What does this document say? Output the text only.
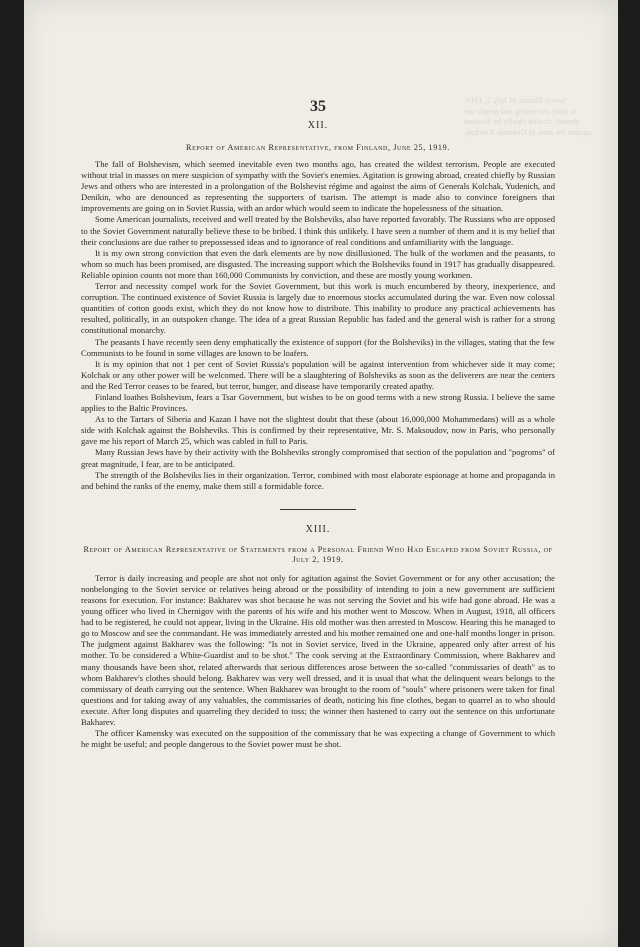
Soviet Russia, of July 2, 1919.
is daily increasing and people are
abroad, created chiefly by Russian
against the aims of Generals Kolchak,
35
XII.
Report of American Representative, from Finland, June 25, 1919.

The fall of Bolshevism, which seemed inevitable even two months ago, has created the wildest terrorism. People are executed without trial in masses on mere suspicion of sympathy with the Soviet's enemies. Agitation is growing abroad, created chiefly by Russian Jews and others who are interested in a prolongation of the Bolshevist régime and against the aims of Generals Kolchak, Yudenich, and Denikin, who are denounced as representing the supporters of tsarism. The attempt is made also to convince foreigners that improvements are going on in Soviet Russia, with an ardor which would seem to indicate the hopelessness of the situation.

Some American journalists, received and well treated by the Bolsheviks, also have reported favorably. The Russians who are opposed to the Soviet Government naturally believe these to be bribed. I think this unlikely. I have seen a number of them and it is my belief that their conclusions are due rather to prepossessed ideas and to ignorance of real conditions and unfamiliarity with the language.

It is my own strong conviction that even the dark elements are by now disillusioned. The bulk of the workmen and the peasants, to whom so much has been promised, are disgusted. The increasing support which the Bolsheviks found in 1917 has gradually disappeared. Reliable opinion counts not more than 160,000 Communists by conviction, and these are mostly young workmen.

Terror and necessity compel work for the Soviet Government, but this work is much encumbered by theory, inexperience, and corruption. The continued existence of Soviet Russia is largely due to enormous stocks accumulated during the war. Even now colossal quantities of cotton goods exist, which they do not know how to distribute. This inability to produce any practical achievements has resulted, politically, in an outspoken change. The idea of a great Russian Republic has faded and the general wish is rather for a strong constitutional monarchy.

The peasants I have recently seen deny emphatically the existence of support (for the Bolsheviks) in the villages, stating that the few Communists to be found in some villages are known to be loafers.

It is my opinion that not 1 per cent of Soviet Russia's population will be against intervention from whichever side it may come; Kolchak or any other power will be welcomed. There will be a slaughtering of Bolsheviks as soon as the deliverers are near the centers and the Red Terror ceases to be feared, but terror, hunger, and disease have temporarily created apathy.

Finland loathes Bolshevism, fears a Tsar Government, but wishes to be on good terms with a new strong Russia. I believe the same applies to the Baltic Provinces.

As to the Tartars of Siberia and Kazan I have not the slightest doubt that these (about 16,000,000 Mohammedans) will as a whole side with Kolchak against the Bolsheviks. This is confirmed by their representative, Mr. S. Maksoudov, now in Paris, who personally gave me his report of March 25, which was cabled in full to Paris.

Many Russian Jews have by their activity with the Bolsheviks strongly compromised that section of the population and "pogroms" of great magnitude, I fear, are to be anticipated.

The strength of the Bolsheviks lies in their organization. Terror, combined with most elaborate espionage at home and propaganda in and behind the ranks of the enemy, make them still a formidable force.

XIII.
Report of American Representative of Statements from a Personal Friend Who Had Escaped from Soviet Russia, of July 2, 1919.

Terror is daily increasing and people are shot not only for agitation against the Soviet Government or for any other accusation; the nonbelonging to the Soviet service or relatives being abroad or the possibility of intending to join a new government are sufficient reasons for execution. For instance: Bakharev was shot because he was not serving the Soviet and his wife had gone abroad. He was a young officer who lived in Chernigov with the parents of his wife and his mother went to Moscow. When in August, 1918, all officers had to be registered, he could not appear, living in the Ukraine. His old mother was then arrested in Moscow. Hearing this he managed to go to Moscow and see the commandant. He was immediately arrested and his mother remained one and one-half months longer in prison. The judgment against Bakharev was the following: "Is not in Soviet service, lived in the Ukraine, appeared only after arrest of his mother. To be considered a White-Guardist and to be shot." The cook serving at the Extraordinary Commission, where Bakharev and many thousands have been shot, related afterwards that serious differences arose between the so-called "commissaries of death" as to whom Bakharev's clothes should belong. Bakharev was very well dressed, and it is usual that what the delinquent wears belongs to the commissary of death carrying out the sentence. When Bakharev was brought to the room of "souls" where prisoners were taken for final questions and for taking away of any valuables, the commissaries of death, noticing his fine clothes, began to quarrel as to who should execute. After long disputes and quarreling they decided to toss; the winner then hastened to carry out the sentence on this unfortunate Bakharev.

The officer Kamensky was executed on the supposition of the commissary that he was expecting a change of Government to which he might be useful; and people dangerous to the Soviet power must be shot.
